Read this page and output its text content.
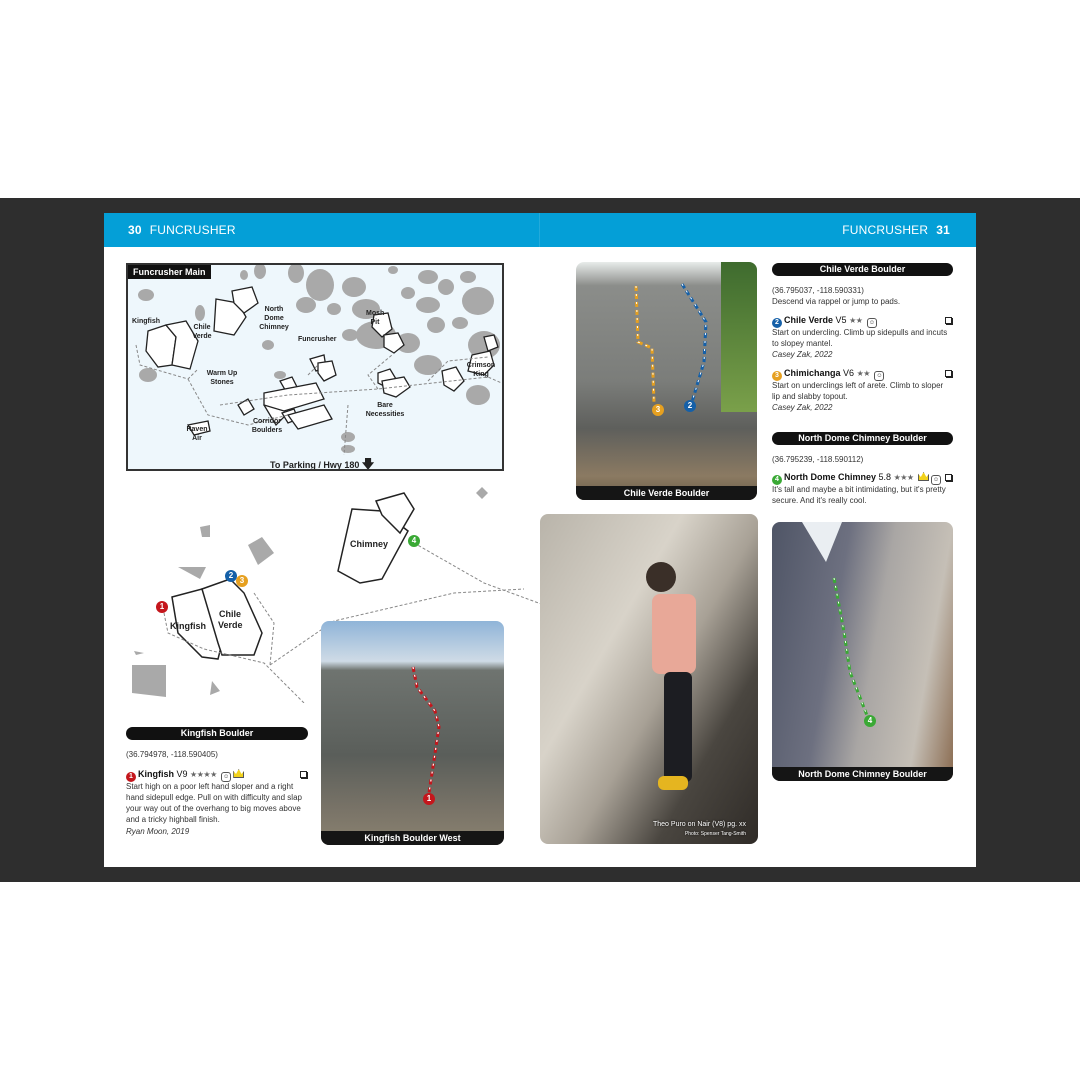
30 FUNCRUSHER	FUNCRUSHER 31
Funcrusher Main
Kingfish
Chile Verde
North Dome Chimney
Mosh Pit
Funcrusher
Crimson King
Warm Up Stones
Bare Necessities
Raven Air
Corridor Boulders
To Parking / Hwy 180 🡇
Kingfish
Chile Verde
Chimney
1
2
3
4
Kingfish Boulder
(36.794978, -118.590405)
1 Kingfish V9 ★★★★ ☺
Start high on a poor left hand sloper and a right hand sidepull edge. Pull on with difficulty and slap your way out of the overhang to big moves above and a tricky highball finish.
Ryan Moon, 2019
1
Kingfish Boulder West
Theo Puro on Nair (V8) pg. xx
Photo: Spenser Tang-Smith
3	2
Chile Verde Boulder
4
North Dome Chimney Boulder
Chile Verde Boulder
(36.795037, -118.590331)
Descend via rappel or jump to pads.
2 Chile Verde V5 ★★ ☺
Start on undercling. Climb up sidepulls and incuts to slopey mantel.
Casey Zak, 2022
3 Chimichanga V6 ★★ ☺
Start on underclings left of arete. Climb to sloper lip and slabby topout.
Casey Zak, 2022
North Dome Chimney Boulder
(36.795239, -118.590112)
4 North Dome Chimney 5.8 ★★★	☺
It's tall and maybe a bit intimidating, but it's pretty secure. And it's really cool.
